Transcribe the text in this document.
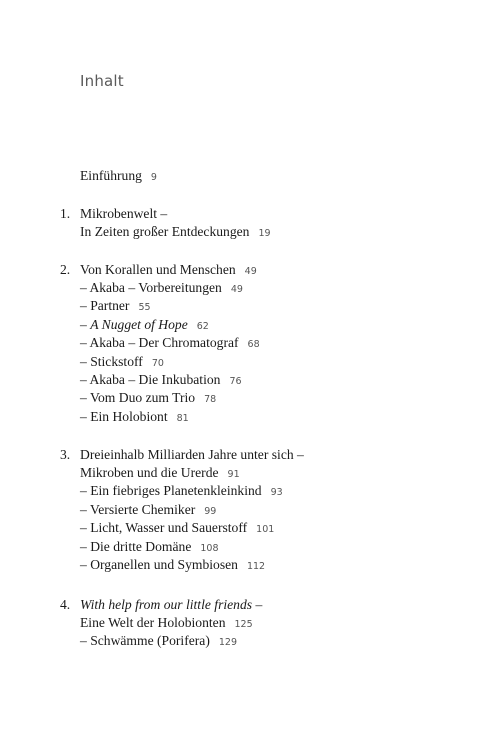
Inhalt
Einführung 9
1. Mikrobenwelt –
In Zeiten großer Entdeckungen 19
2. Von Korallen und Menschen 49
– Akaba – Vorbereitungen 49
– Partner 55
– A Nugget of Hope 62
– Akaba – Der Chromatograf 68
– Stickstoff 70
– Akaba – Die Inkubation 76
– Vom Duo zum Trio 78
– Ein Holobiont 81
3. Dreieinhalb Milliarden Jahre unter sich –
Mikroben und die Urerde 91
– Ein fiebriges Planetenkleinkind 93
– Versierte Chemiker 99
– Licht, Wasser und Sauerstoff 101
– Die dritte Domäne 108
– Organellen und Symbiosen 112
4. With help from our little friends –
Eine Welt der Holobionten 125
– Schwämme (Porifera) 129
